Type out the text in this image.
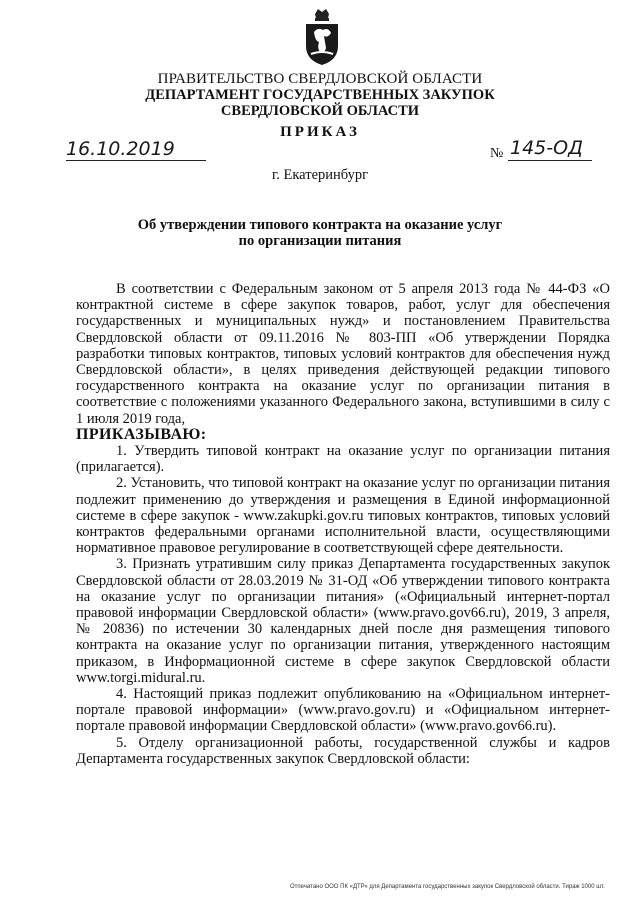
ПРАВИТЕЛЬСТВО СВЕРДЛОВСКОЙ ОБЛАСТИ
ДЕПАРТАМЕНТ ГОСУДАРСТВЕННЫХ ЗАКУПОК
СВЕРДЛОВСКОЙ ОБЛАСТИ
ПРИКАЗ
16.10.2019	№ 145-ОД
г. Екатеринбург
Об утверждении типового контракта на оказание услуг
по организации питания

В соответствии с Федеральным законом от 5 апреля 2013 года № 44-ФЗ «О контрактной системе в сфере закупок товаров, работ, услуг для обеспечения государственных и муниципальных нужд» и постановлением Правительства Свердловской области от 09.11.2016 № 803-ПП «Об утверждении Порядка разработки типовых контрактов, типовых условий контрактов для обеспечения нужд Свердловской области», в целях приведения действующей редакции типового государственного контракта на оказание услуг по организации питания в соответствие с положениями указанного Федерального закона, вступившими в силу с 1 июля 2019 года,

ПРИКАЗЫВАЮ:

1. Утвердить типовой контракт на оказание услуг по организации питания (прилагается).

2. Установить, что типовой контракт на оказание услуг по организации питания подлежит применению до утверждения и размещения в Единой информационной системе в сфере закупок - www.zakupki.gov.ru типовых контрактов, типовых условий контрактов федеральными органами исполнительной власти, осуществляющими нормативное правовое регулирование в соответствующей сфере деятельности.

3. Признать утратившим силу приказ Департамента государственных закупок Свердловской области от 28.03.2019 № 31-ОД «Об утверждении типового контракта на оказание услуг по организации питания» («Официальный интернет-портал правовой информации Свердловской области» (www.pravo.gov66.ru), 2019, 3 апреля, № 20836) по истечении 30 календарных дней после дня размещения типового контракта на оказание услуг по организации питания, утвержденного настоящим приказом, в Информационной системе в сфере закупок Свердловской области www.torgi.midural.ru.

4. Настоящий приказ подлежит опубликованию на «Официальном интернет-портале правовой информации» (www.pravo.gov.ru) и «Официальном интернет-портале правовой информации Свердловской области» (www.pravo.gov66.ru).

5. Отделу организационной работы, государственной службы и кадров Департамента государственных закупок Свердловской области:

Отпечатано ООО ПК «ДТР» для Департамента государственных закупок Свердловской области. Тираж 1000 шт.
